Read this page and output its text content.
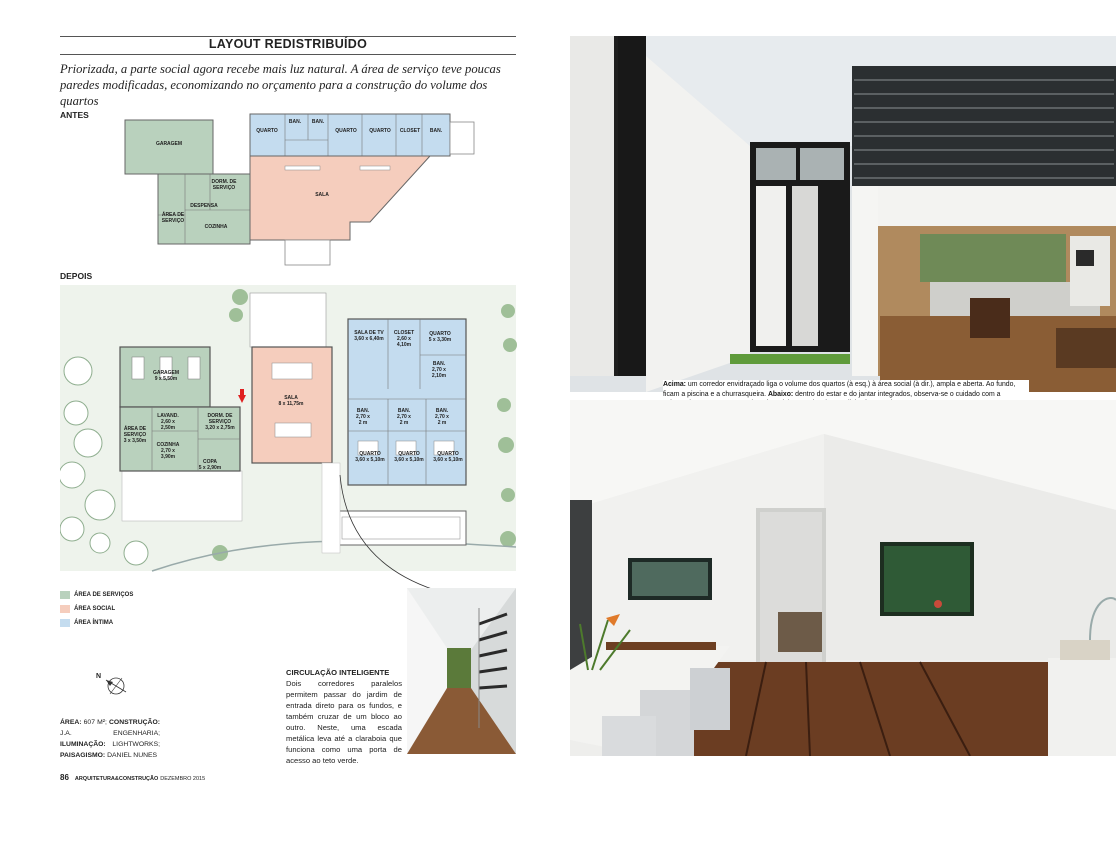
LAYOUT REDISTRIBUÍDO
Priorizada, a parte social agora recebe mais luz natural. A área de serviço teve poucas paredes modificadas, economizando no orçamento para a construção do volume dos quartos
ANTES
GARAGEM
QUARTO
BAN.	BAN.
QUARTO	QUARTO	CLOSET	BAN.
DORM. DE
SERVIÇO
DESPENSA
ÁREA DE
SERVIÇO
COZINHA
SALA
DEPOIS
GARAGEM
9 x 5,50m
LAVAND.
2,60 x
2,50m
DORM. DE
SERVIÇO
3,20 x 2,75m
ÁREA DE
SERVIÇO
3 x 3,50m
COZINHA
2,70 x
3,90m
COPA
5 x 2,90m
SALA
8 x 11,75m
SALA DE TV
3,60 x 6,40m
CLOSET
2,60 x
4,10m
QUARTO
5 x 3,30m
BAN.
2,70 x
2,10m
BAN.
2,70 x
2 m
BAN.
2,70 x
2 m
BAN.
2,70 x
2 m
QUARTO
3,60 x 5,10m
QUARTO
3,60 x 5,10m
QUARTO
3,60 x 5,10m
ÁREA DE SERVIÇOS
ÁREA SOCIAL
ÁREA ÍNTIMA
N
ÁREA: 607 M²; CONSTRUÇÃO: J.A. ENGENHARIA; ILUMINAÇÃO: LIGHTWORKS; PAISAGISMO: DANIEL NUNES
CIRCULAÇÃO INTELIGENTE
Dois corredores paralelos permitem passar do jardim de entrada direto para os fundos, e também cruzar de um bloco ao outro. Neste, uma escada metálica leva até a claraboia que funciona como uma porta de acesso ao teto verde.
86 ARQUITETURA&CONSTRUÇÃO DEZEMBRO 2015
Acima: um corredor envidraçado liga o volume dos quartos (à esq.) à área social (à dir.), ampla e aberta. Ao fundo, ficam a piscina e a churrasqueira. Abaixo: dentro do estar e do jantar integrados, observa-se o cuidado com a
